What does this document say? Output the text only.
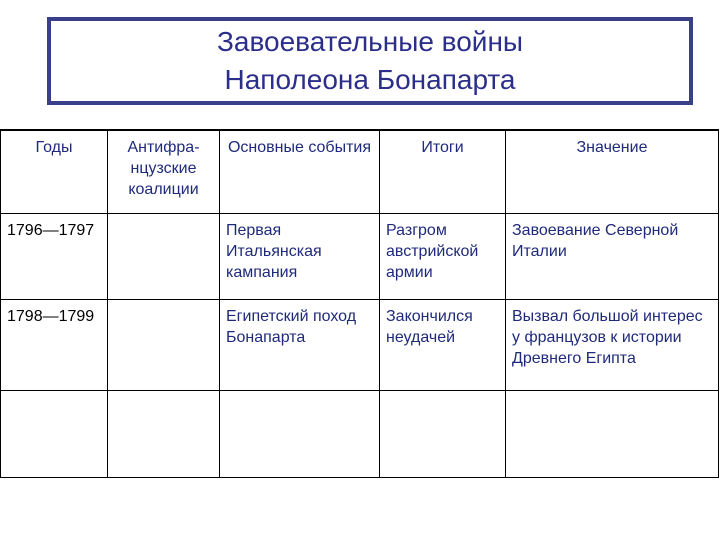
Завоевательные войны
Наполеона Бонапарта
Годы	Антифра-нцузские коалиции	Основные события	Итоги	Значение
1796—1797		Первая Итальянская кампания	Разгром австрийской армии	Завоевание Северной Италии
1798—1799		Египетский поход Бонапарта	Закончился неудачей	Вызвал большой интерес у французов к истории Древнего Египта
